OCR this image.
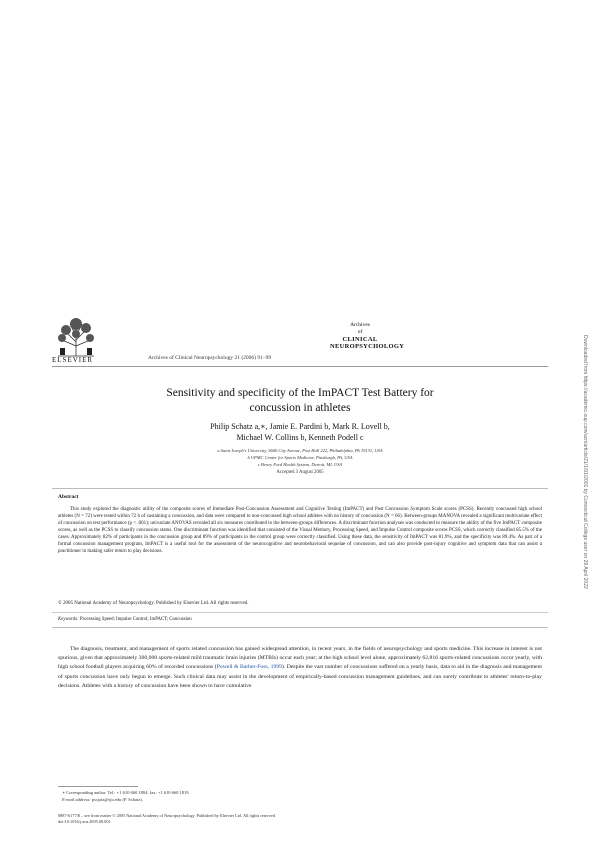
ELSEVIER	Archives of Clinical Neuropsychology 21 (2006) 91–99
Archives
of
CLINICAL
NEUROPSYCHOLOGY
Sensitivity and specificity of the ImPACT Test Battery for
concussion in athletes
Philip Schatz a,∗, Jamie E. Pardini b, Mark R. Lovell b,
Michael W. Collins b, Kenneth Podell c
a Saint Joseph's University, 5600 City Avenue, Post Hall 222, Philadelphia, PA 19131, USA
b UPMC Center for Sports Medicine, Pittsburgh, PA, USA
c Henry Ford Health System, Detroit, MI, USA
Accepted 3 August 2005
Abstract
This study explored the diagnostic utility of the composite scores of Immediate Post-Concussion Assessment and Cognitive Testing (ImPACT) and Post Concussion Symptom Scale scores (PCSS). Recently concussed high school athletes (N = 72) were tested within 72 h of sustaining a concussion, and data were compared to non-concussed high school athletes with no history of concussion (N = 66). Between-groups MANOVA revealed a significant multivariate effect of concussion on test performance (p < .001); univariate ANOVAS revealed all six measures contributed to the between-groups differences. A discriminant function analyses was conducted to measure the ability of the five ImPACT composite scores, as well as the PCSS to classify concussion status. One discriminant function was identified that consisted of the Visual Memory, Processing Speed, and Impulse Control composite scores PCSS, which correctly classified 85.5% of the cases. Approximately 82% of participants in the concussion group and 89% of participants in the control group were correctly classified. Using these data, the sensitivity of ImPACT was 81.9%, and the specificity was 89.4%. As part of a formal concussion management program, ImPACT is a useful tool for the assessment of the neurocognitive and neurobehavioral sequelae of concussion, and can also provide post-injury cognitive and symptom data that can assist a practitioner in making safer return to play decisions.
© 2005 National Academy of Neuropsychology. Published by Elsevier Ltd. All rights reserved.
Keywords: Processing Speed; Impulse Control; ImPACT; Concussion
The diagnosis, treatment, and management of sports related concussion has gained widespread attention, in recent years, in the fields of neuropsychology and sports medicine. This increase in interest is not spurious, given that approximately 300,000 sports-related mild traumatic brain injuries (MTBIs) occur each year; at the high school level alone, approximately 62,816 sports-related concussions occur yearly, with high school football players acquiring 60% of recorded concussions (Powell & Barber-Foss, 1999). Despite the vast number of concussions suffered on a yearly basis, data to aid in the diagnosis and management of sports concussion have only begun to emerge. Such clinical data may assist in the development of empirically-based concussion management guidelines, and can surely contribute to athletes' return-to-play decisions. Athletes with a history of concussion have been shown to have cumulative
∗ Corresponding author. Tel.: +1 610 660 1804; fax: +1 610 660 1819.
E-mail address: pscjatz@sju.edu (P. Schatz).
0887-6177/$ – see front matter © 2005 National Academy of Neuropsychology. Published by Elsevier Ltd. All rights reserved.
doi:10.1016/j.acn.2005.08.001
Downloaded from https://academic.oup.com/acn/article/21/1/91/2001 by Connecticut College user on 29 April 2022
